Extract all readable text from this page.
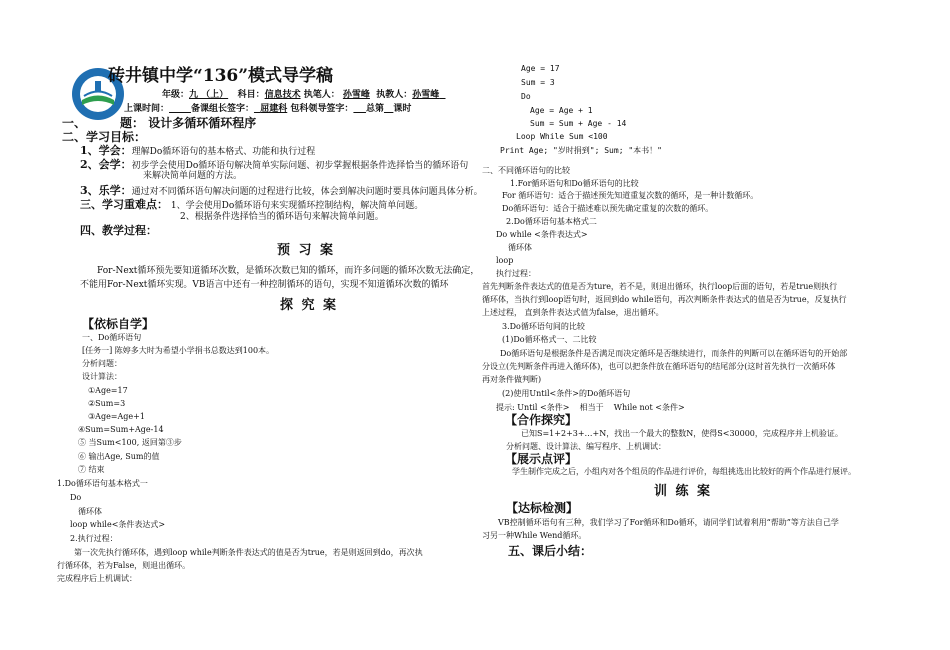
砖井镇中学“136”模式导学稿
年级：九 （上） 科目：信息技术 执笔人： 孙雪峰 执教人：孙雪峰
上课时间： 备课组长签字： 屈建科 包科领导签字： 总第 课时
一、	题： 设计多循环循环程序
二、学习目标：
1、学会：理解Do循环语句的基本格式、功能和执行过程
2、会学：初步学会使用Do循环语句解决简单实际问题、初步掌握根据条件选择恰当的循环语句
来解决简单问题的方法。
3、乐学：通过对不同循环语句解决问题的过程进行比较，体会到解决问题时要具体问题具体分析。
三、学习重难点： 1、学会使用Do循环语句来实现循环控制结构，解决简单问题。
2、根据条件选择恰当的循环语句来解决简单问题。
四、教学过程：
预 习 案
For-Next循环预先要知道循环次数，是循环次数已知的循环，而许多问题的循环次数无法确定，
不能用For-Next循环实现。VB语言中还有一种控制循环的语句，实现不知道循环次数的循环
探 究 案
【依标自学】
一、Do循环语句
[任务一] 陈婷多大时为希望小学捐书总数达到100本。
分析问题：
设计算法：
①Age=17
②Sum=3
③Age=Age+1
④Sum=Sum+Age-14
⑤ 当Sum<100, 返回第③步
⑥ 输出Age, Sum的值
⑦ 结束
1.Do循环语句基本格式一
Do
循环体
loop while<条件表达式>
2.执行过程：
第一次先执行循环体，遇到loop while判断条件表达式的值是否为true，若是则返回到do，再次执
行循环体，若为False，则退出循环。
完成程序后上机调试：
Age = 17
Sum = 3
Do
Age = Age + 1
Sum = Sum + Age - 14
Loop While Sum <100
Print Age; "岁时捐到"; Sum; "本书！"
二、不同循环语句的比较
1.For循环语句和Do循环语句的比较
For 循环语句：适合于描述预先知道重复次数的循环，是一种计数循环。
Do循环语句：适合于描述难以预先确定重复的次数的循环。
2.Do循环语句基本格式二
Do while <条件表达式>
循环体
loop
执行过程：
首先判断条件表达式的值是否为ture，若不是，则退出循环，执行loop后面的语句，若是true则执行
循环体，当执行到loop语句时，返回到do while语句，再次判断条件表达式的值是否为true，反复执行
上述过程， 直到条件表达式值为false，退出循环。
3.Do循环语句间的比较
(1)Do循环格式一、二比较
Do循环语句是根据条件是否满足而决定循环是否继续进行，而条件的判断可以在循环语句的开始部
分设立(先判断条件再进入循环体)，也可以把条件放在循环语句的结尾部分(这时首先执行一次循环体
再对条件做判断)
(2)使用Until<条件>的Do循环语句
提示: Until <条件>    相当于    While not <条件>
【合作探究】
已知S=1+2+3+…+N，找出一个最大的整数N，使得S<30000，完成程序并上机验证。
分析问题、设计算法、编写程序、上机调试：
【展示点评】
学生制作完成之后，小组内对各个组员的作品进行评价，每组挑选出比较好的两个作品进行展评。
训 练 案
【达标检测】
VB控制循环语句有三种，我们学习了For循环和Do循环，请同学们试着利用“帮助”等方法自己学
习另一种While Wend循环。
五、课后小结：
